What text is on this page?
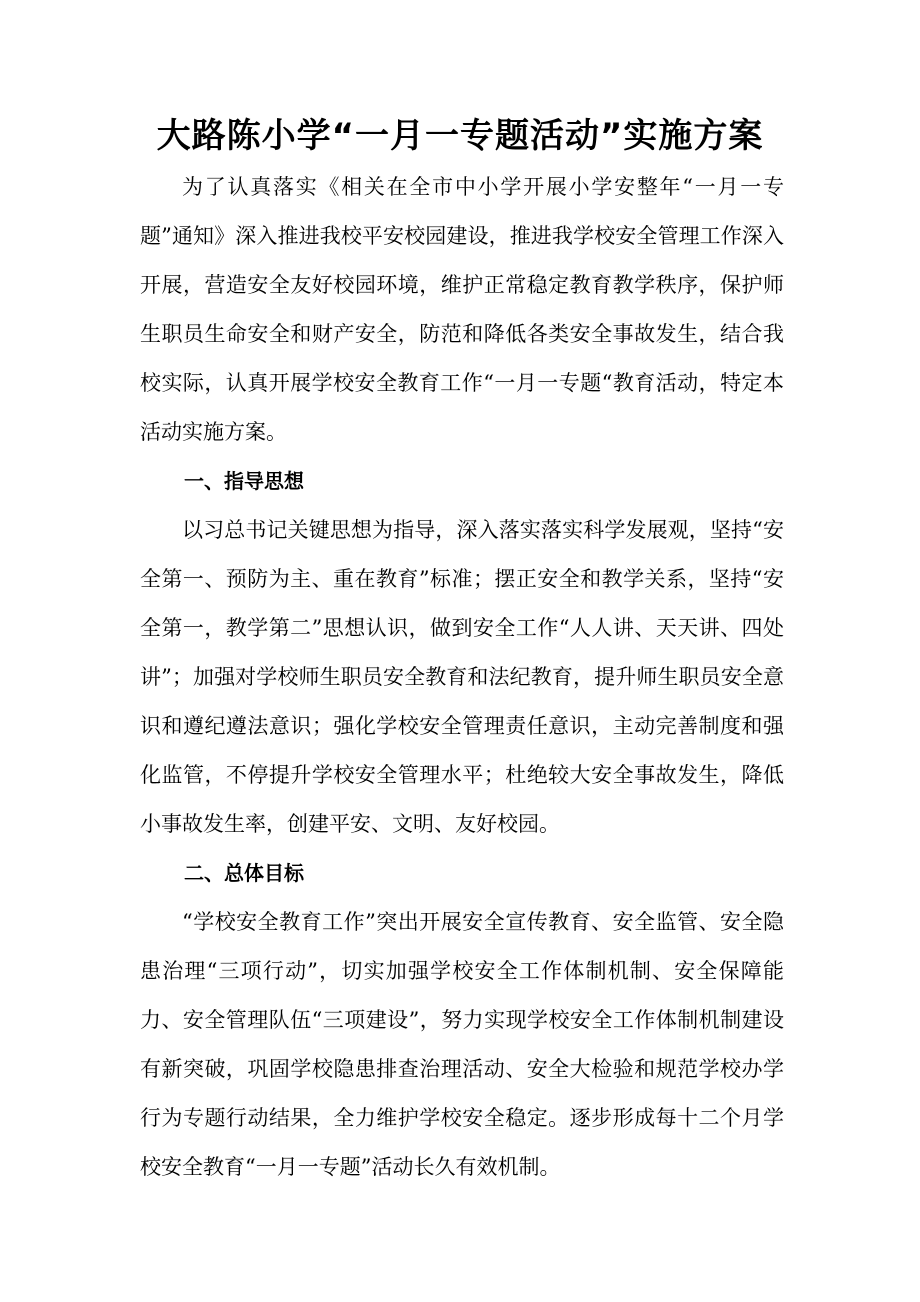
大路陈小学“一月一专题活动”实施方案

为了认真落实《相关在全市中小学开展小学安整年“一月一专题”通知》深入推进我校平安校园建设，推进我学校安全管理工作深入开展，营造安全友好校园环境，维护正常稳定教育教学秩序，保护师生职员生命安全和财产安全，防范和降低各类安全事故发生，结合我校实际，认真开展学校安全教育工作“一月一专题“教育活动，特定本活动实施方案。

一、指导思想

以习总书记关键思想为指导，深入落实落实科学发展观，坚持“安全第一、预防为主、重在教育”标准；摆正安全和教学关系，坚持“安全第一，教学第二”思想认识，做到安全工作“人人讲、天天讲、四处讲”；加强对学校师生职员安全教育和法纪教育，提升师生职员安全意识和遵纪遵法意识；强化学校安全管理责任意识，主动完善制度和强化监管，不停提升学校安全管理水平；杜绝较大安全事故发生，降低小事故发生率，创建平安、文明、友好校园。

二、总体目标

“学校安全教育工作”突出开展安全宣传教育、安全监管、安全隐患治理“三项行动”，切实加强学校安全工作体制机制、安全保障能力、安全管理队伍“三项建设”，努力实现学校安全工作体制机制建设有新突破，巩固学校隐患排查治理活动、安全大检验和规范学校办学行为专题行动结果，全力维护学校安全稳定。逐步形成每十二个月学校安全教育“一月一专题”活动长久有效机制。
